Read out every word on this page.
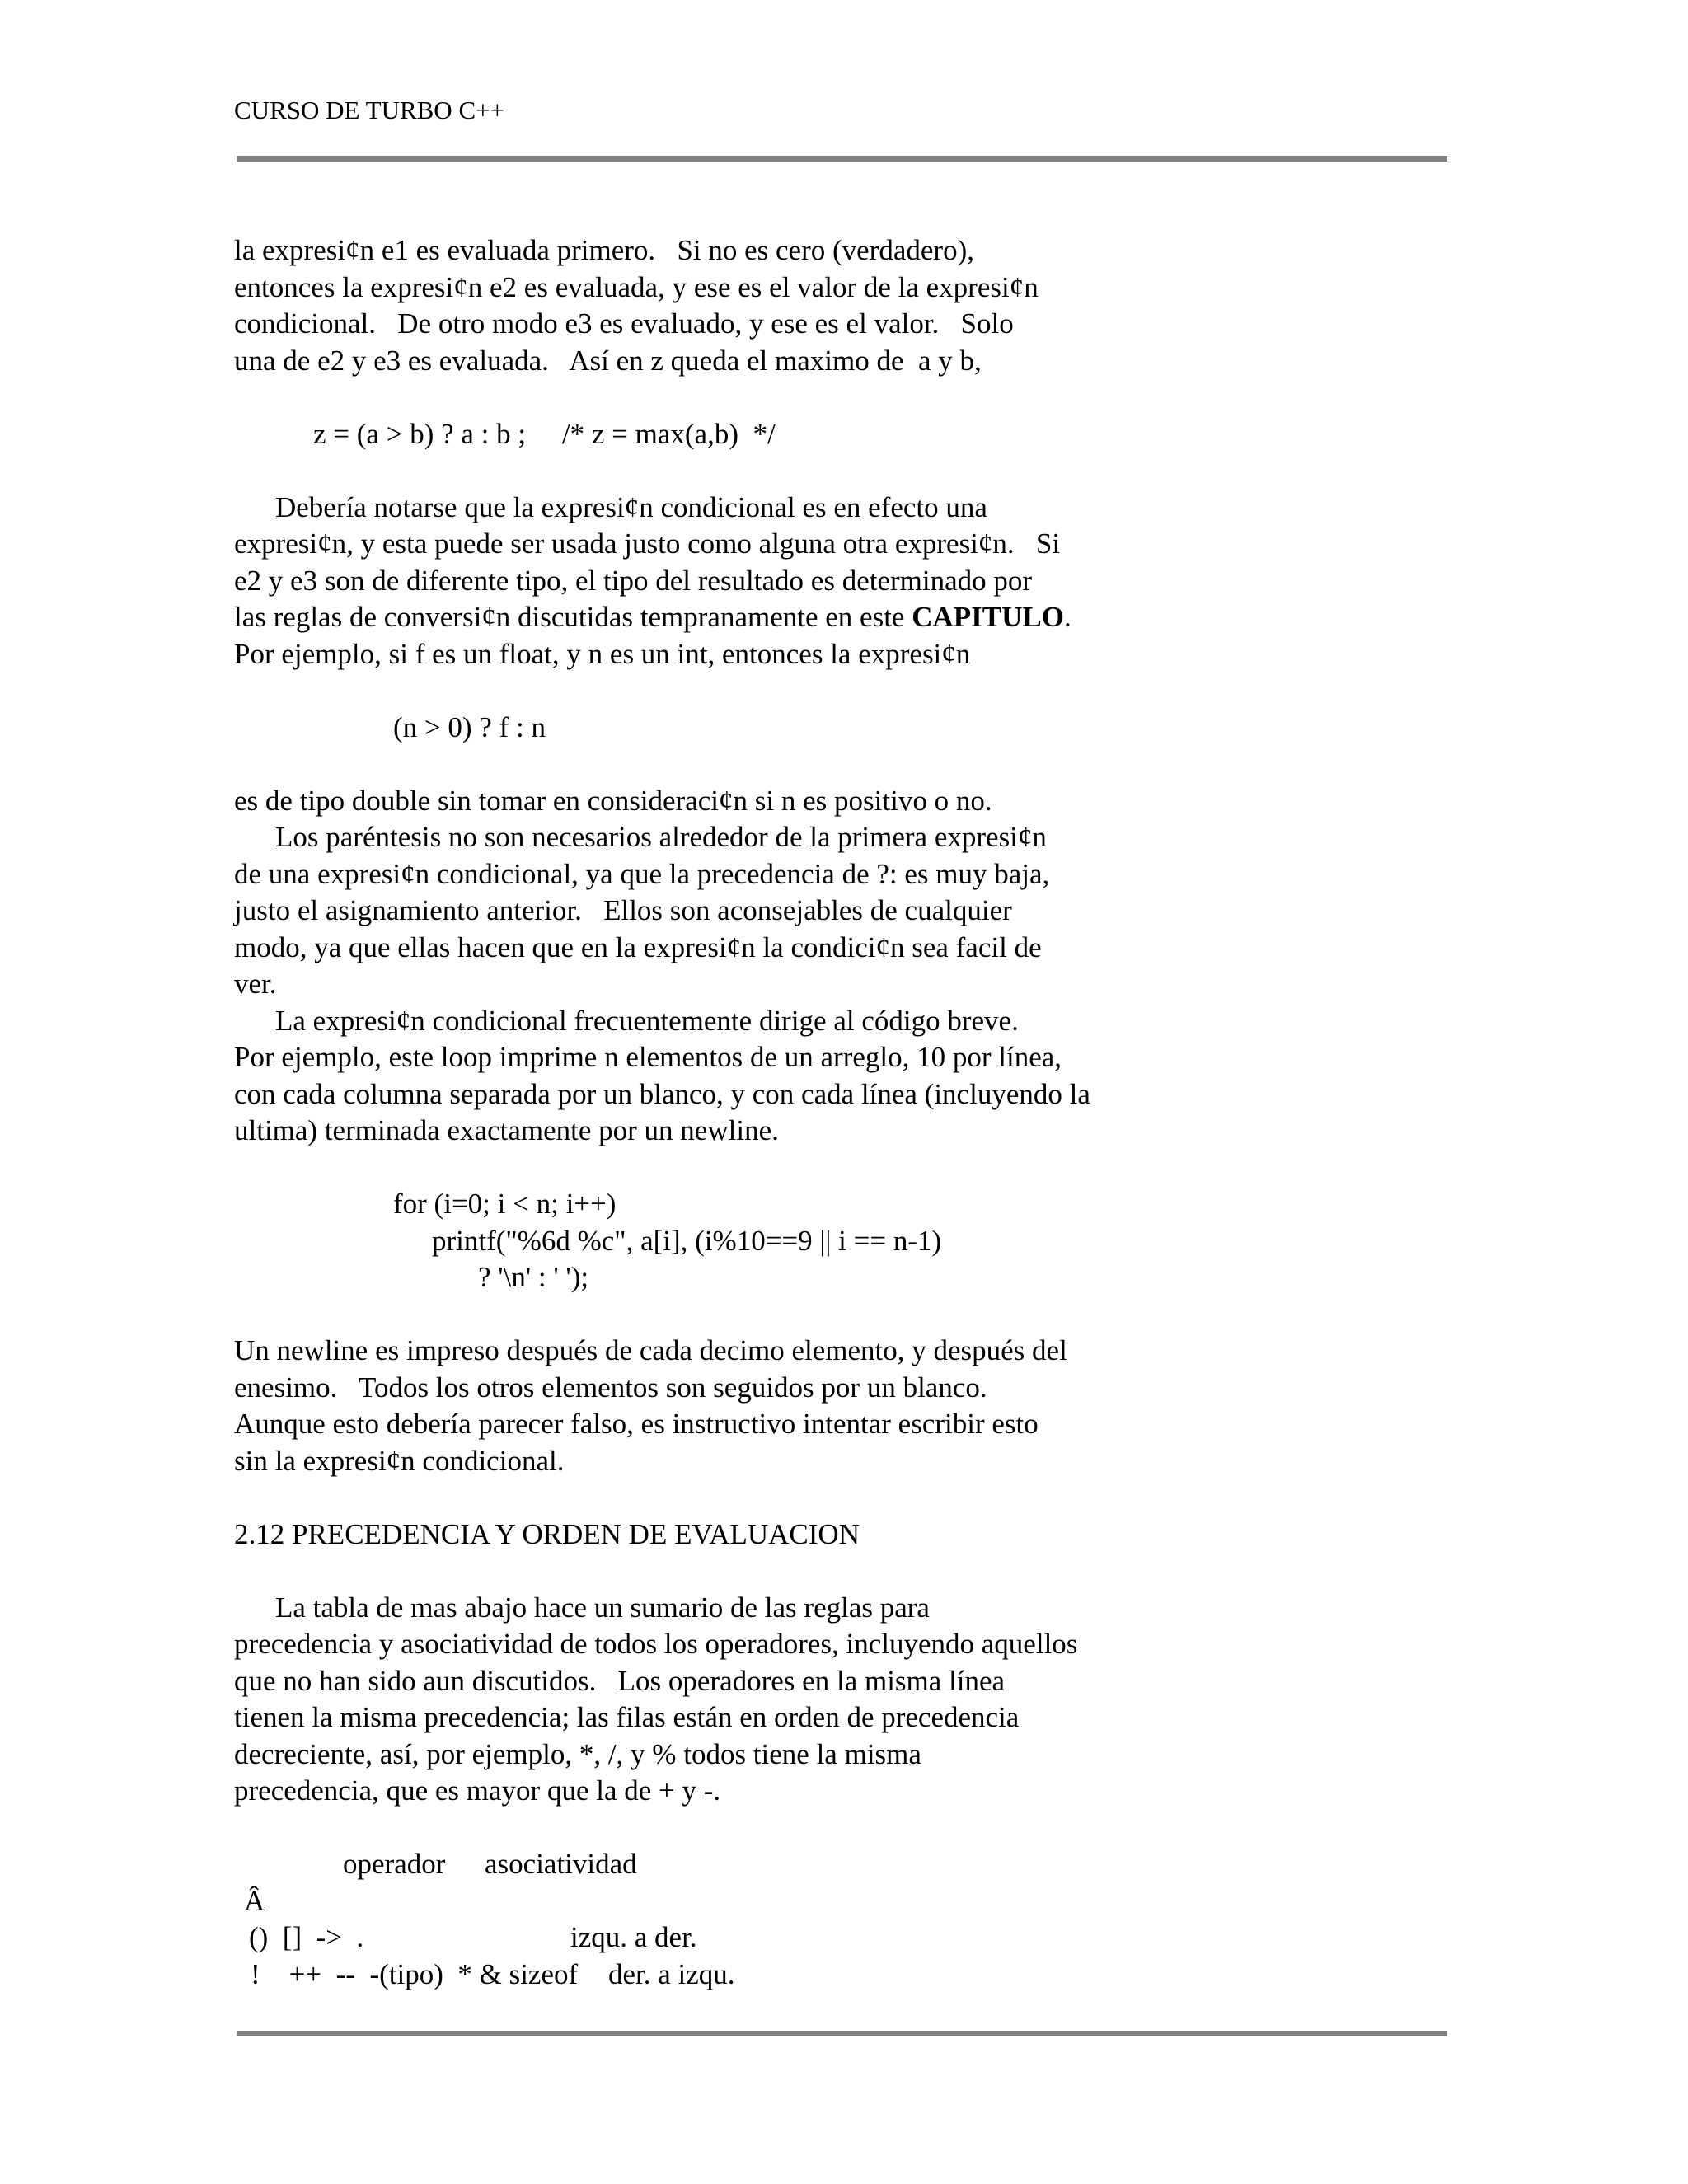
CURSO DE TURBO C++
la expresi¢n e1 es evaluada primero.   Si no es cero (verdadero),
entonces la expresi¢n e2 es evaluada, y ese es el valor de la expresi¢n
condicional.   De otro modo e3 es evaluado, y ese es el valor.   Solo
una de e2 y e3 es evaluada.   Así en z queda el maximo de  a y b,
z = (a > b) ? a : b ;     /* z = max(a,b)  */
Debería notarse que la expresi¢n condicional es en efecto una
expresi¢n, y esta puede ser usada justo como alguna otra expresi¢n.   Si
e2 y e3 son de diferente tipo, el tipo del resultado es determinado por
las reglas de conversi¢n discutidas tempranamente en este CAPITULO.
Por ejemplo, si f es un float, y n es un int, entonces la expresi¢n
(n > 0) ? f : n
es de tipo double sin tomar en consideraci¢n si n es positivo o no.
Los paréntesis no son necesarios alrededor de la primera expresi¢n
de una expresi¢n condicional, ya que la precedencia de ?: es muy baja,
justo el asignamiento anterior.   Ellos son aconsejables de cualquier
modo, ya que ellas hacen que en la expresi¢n la condici¢n sea facil de
ver.
La expresi¢n condicional frecuentemente dirige al código breve.
Por ejemplo, este loop imprime n elementos de un arreglo, 10 por línea,
con cada columna separada por un blanco, y con cada línea (incluyendo la
ultima) terminada exactamente por un newline.
for (i=0; i < n; i++)
printf("%6d %c", a[i], (i%10==9 || i == n-1)
? '\n' : ' ');
Un newline es impreso después de cada decimo elemento, y después del
enesimo.   Todos los otros elementos son seguidos por un blanco.
Aunque esto debería parecer falso, es instructivo intentar escribir esto
sin la expresi¢n condicional.
2.12 PRECEDENCIA Y ORDEN DE EVALUACION
La tabla de mas abajo hace un sumario de las reglas para
precedencia y asociatividad de todos los operadores, incluyendo aquellos
que no han sido aun discutidos.   Los operadores en la misma línea
tienen la misma precedencia; las filas están en orden de precedencia
decreciente, así, por ejemplo, *, /, y % todos tiene la misma
precedencia, que es mayor que la de + y -.
operador asociatividad
Â
()  []  ->  .	izqu. a der.
!    ++  --  -(tipo)  * & sizeof der. a izqu.
